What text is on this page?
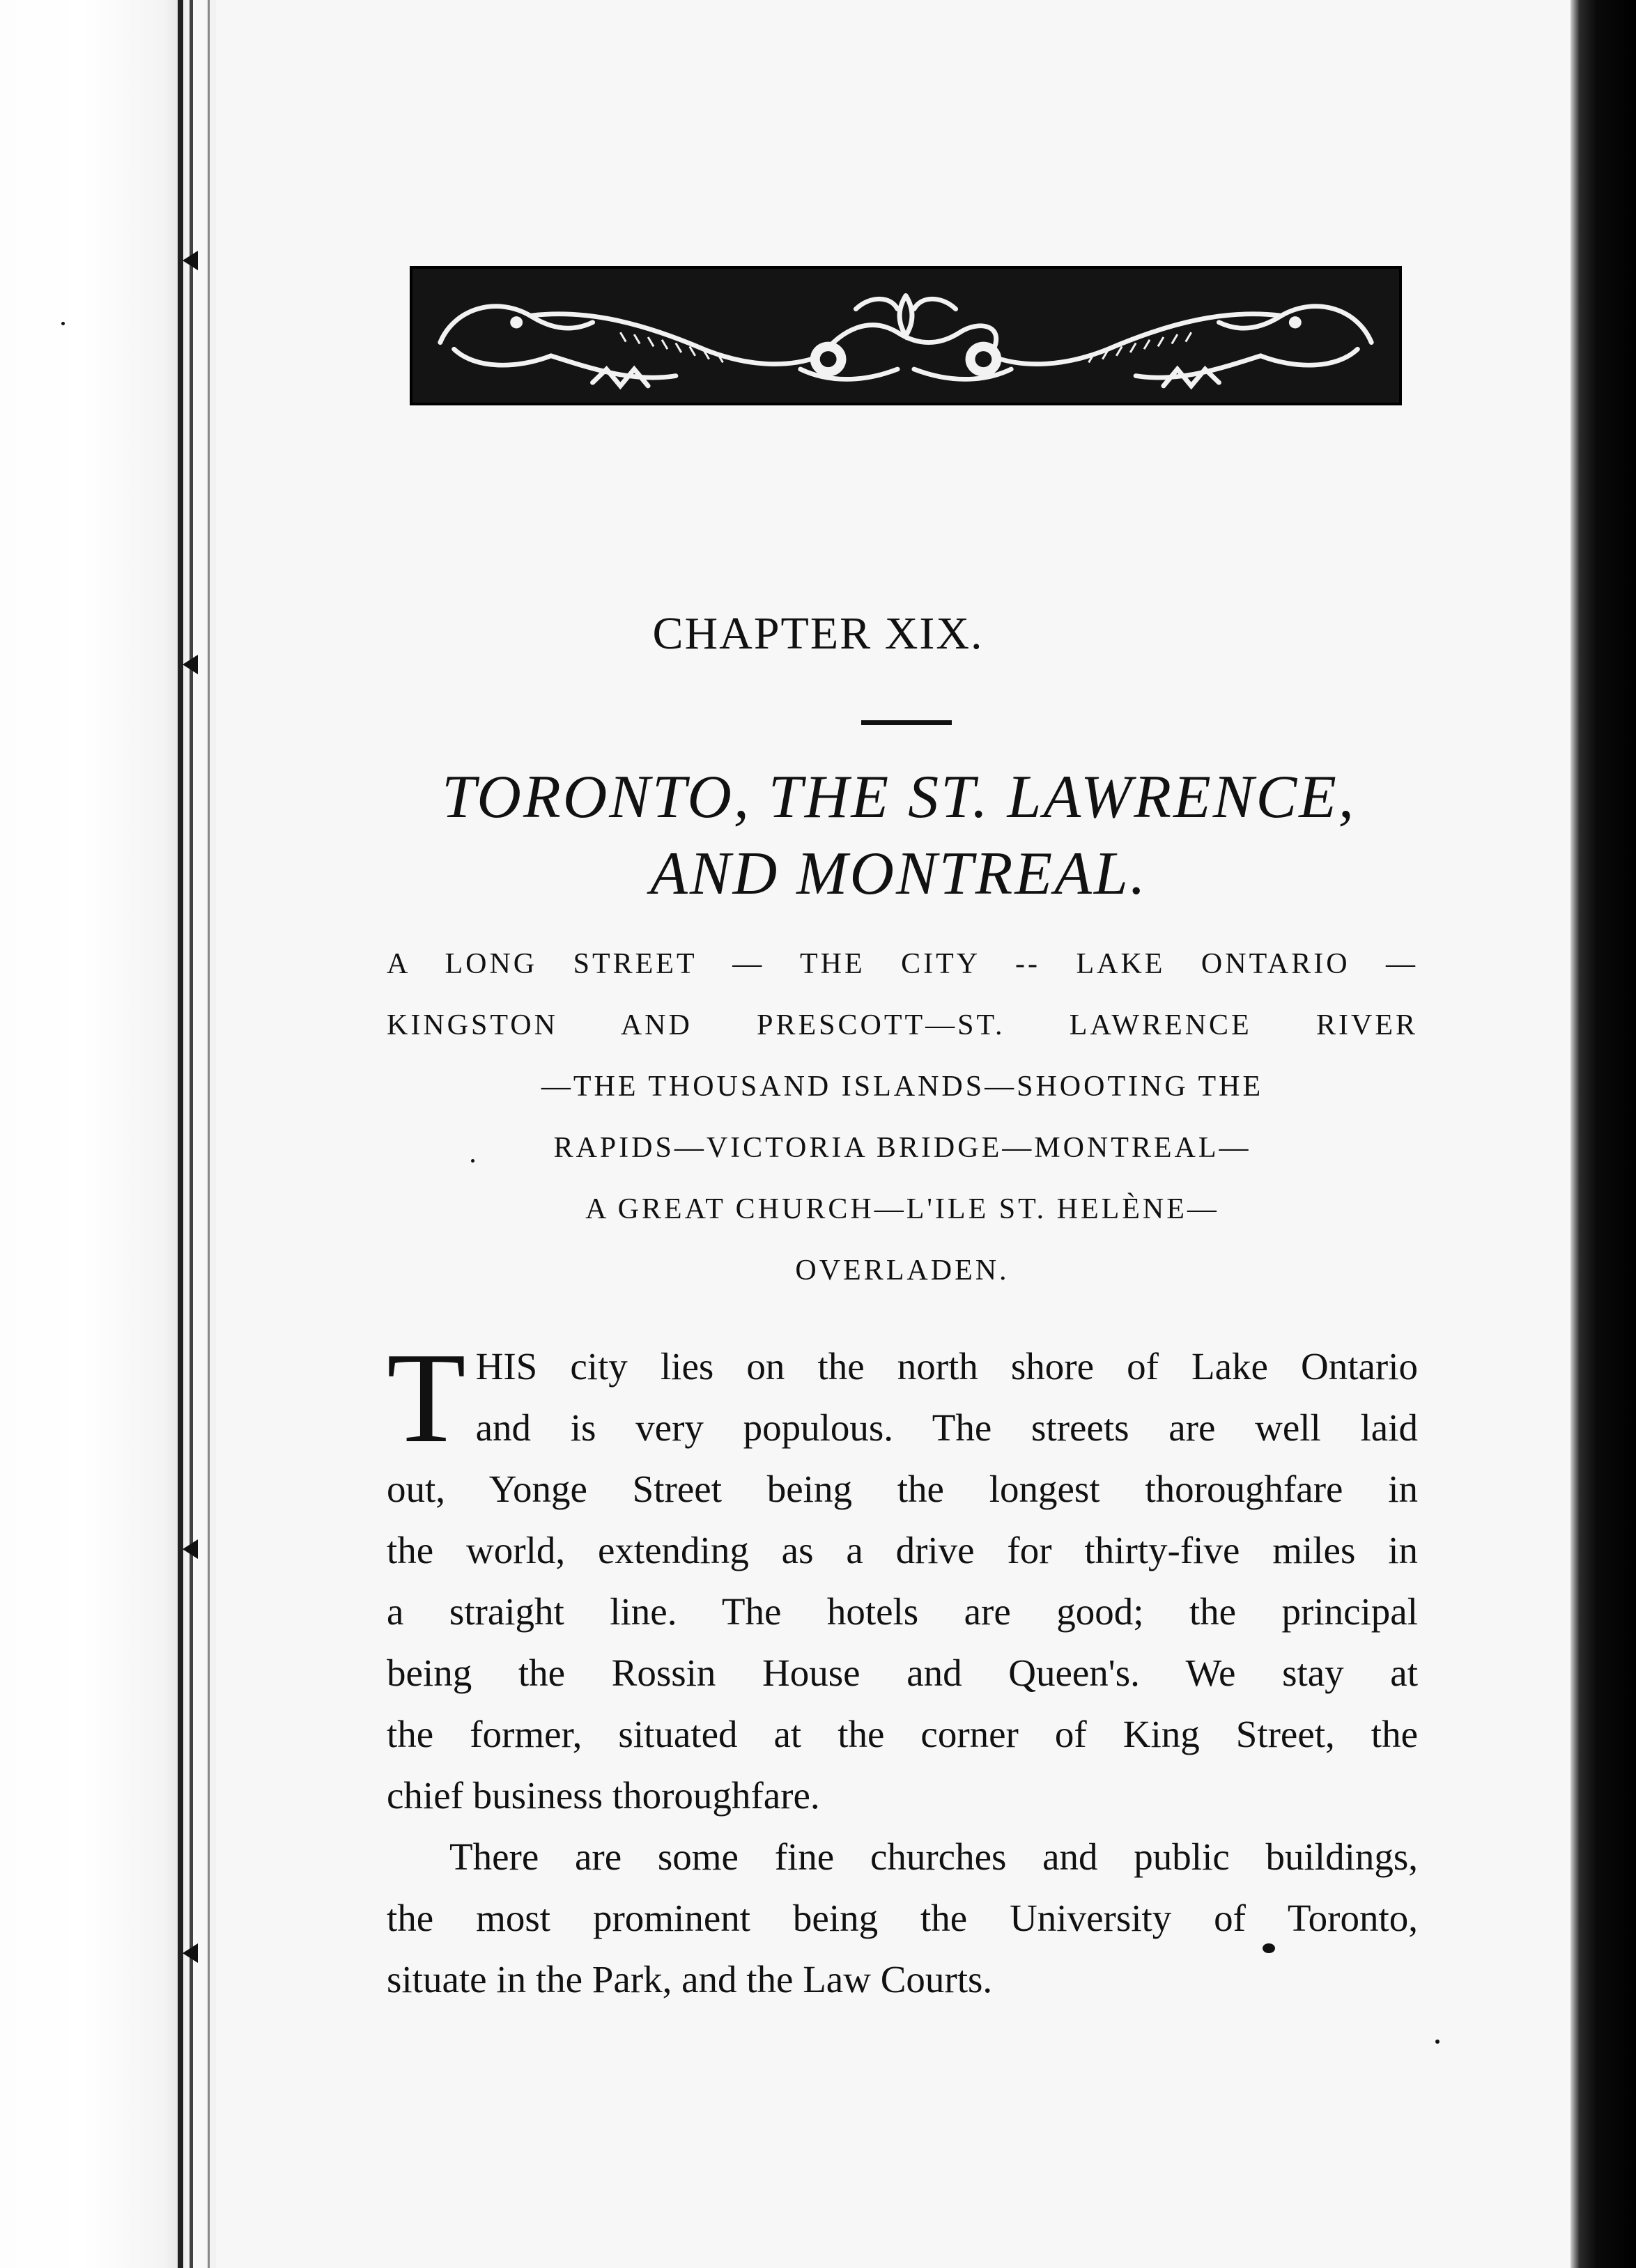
CHAPTER XIX.
TORONTO, THE ST. LAWRENCE,
AND MONTREAL.
A LONG STREET — THE CITY -- LAKE ONTARIO —
KINGSTON AND PRESCOTT—ST. LAWRENCE RIVER
—THE THOUSAND ISLANDS—SHOOTING THE
RAPIDS—VICTORIA BRIDGE—MONTREAL—
A GREAT CHURCH—L'ILE ST. HELÈNE—
OVERLADEN.

T HIS city lies on the north shore of Lake Ontario
and is very populous. The streets are well laid
out, Yonge Street being the longest thoroughfare in
the world, extending as a drive for thirty-five miles in
a straight line. The hotels are good; the principal
being the Rossin House and Queen's. We stay at
the former, situated at the corner of King Street, the
chief business thoroughfare.

There are some fine churches and public buildings,
the most prominent being the University of Toronto,
situate in the Park, and the Law Courts.
